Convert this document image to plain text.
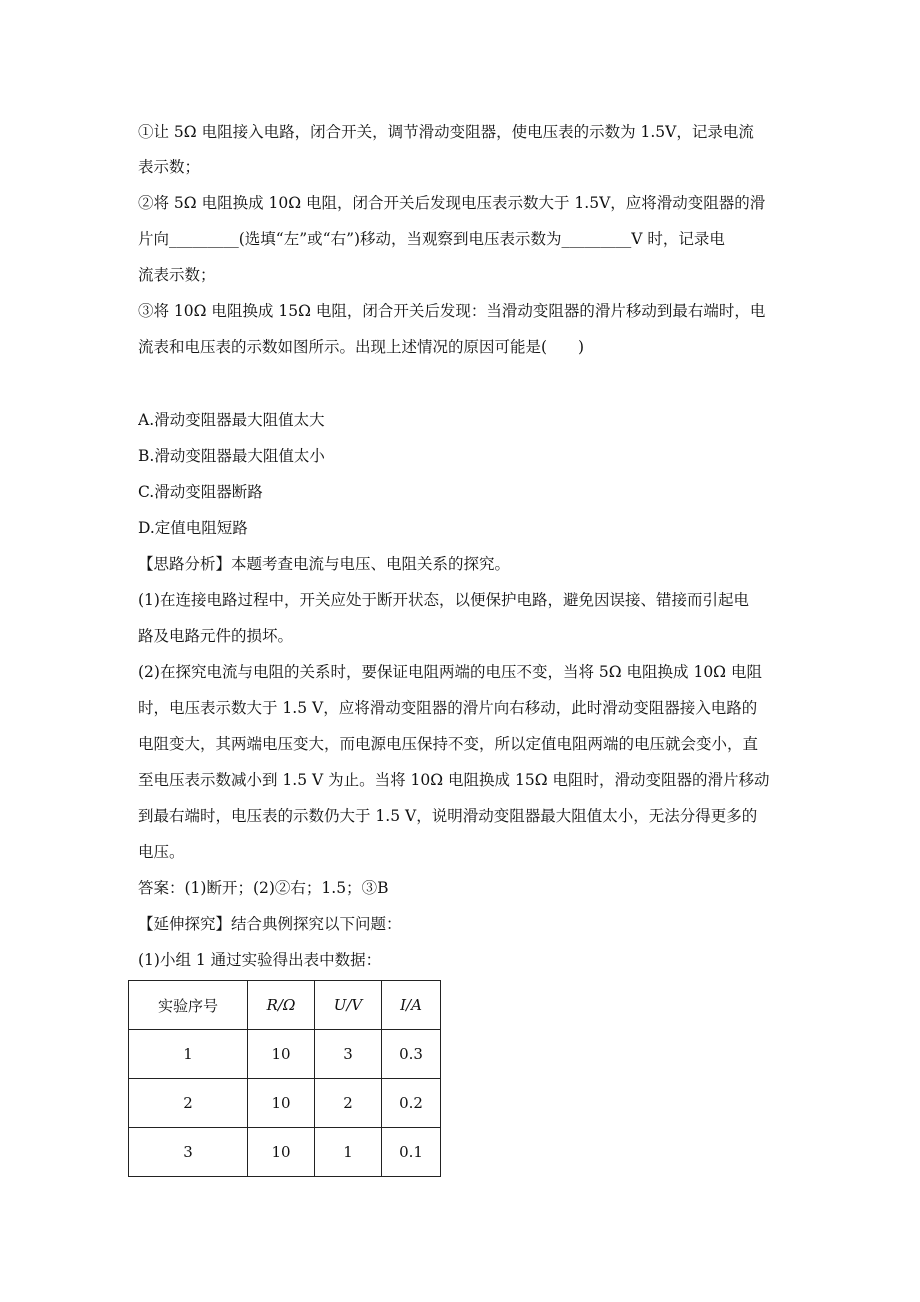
①让 5Ω 电阻接入电路，闭合开关，调节滑动变阻器，使电压表的示数为 1.5V，记录电流
表示数；
②将 5Ω 电阻换成 10Ω 电阻，闭合开关后发现电压表示数大于 1.5V，应将滑动变阻器的滑
片向_________(选填“左”或“右”)移动，当观察到电压表示数为_________V 时，记录电
流表示数；
③将 10Ω 电阻换成 15Ω 电阻，闭合开关后发现：当滑动变阻器的滑片移动到最右端时，电
流表和电压表的示数如图所示。出现上述情况的原因可能是(　　)
A.滑动变阻器最大阻值太大
B.滑动变阻器最大阻值太小
C.滑动变阻器断路
D.定值电阻短路
【思路分析】本题考查电流与电压、电阻关系的探究。
(1)在连接电路过程中，开关应处于断开状态，以便保护电路，避免因误接、错接而引起电
路及电路元件的损坏。
(2)在探究电流与电阻的关系时，要保证电阻两端的电压不变，当将 5Ω 电阻换成 10Ω 电阻
时，电压表示数大于 1.5 V，应将滑动变阻器的滑片向右移动，此时滑动变阻器接入电路的
电阻变大，其两端电压变大，而电源电压保持不变，所以定值电阻两端的电压就会变小，直
至电压表示数减小到 1.5 V 为止。当将 10Ω 电阻换成 15Ω 电阻时，滑动变阻器的滑片移动
到最右端时，电压表的示数仍大于 1.5 V，说明滑动变阻器最大阻值太小，无法分得更多的
电压。
答案：(1)断开；(2)②右；1.5；③B
【延伸探究】结合典例探究以下问题：
(1)小组 1 通过实验得出表中数据：
实验序号	R/Ω	U/V	I/A
1	10	3	0.3
2	10	2	0.2
3	10	1	0.1
